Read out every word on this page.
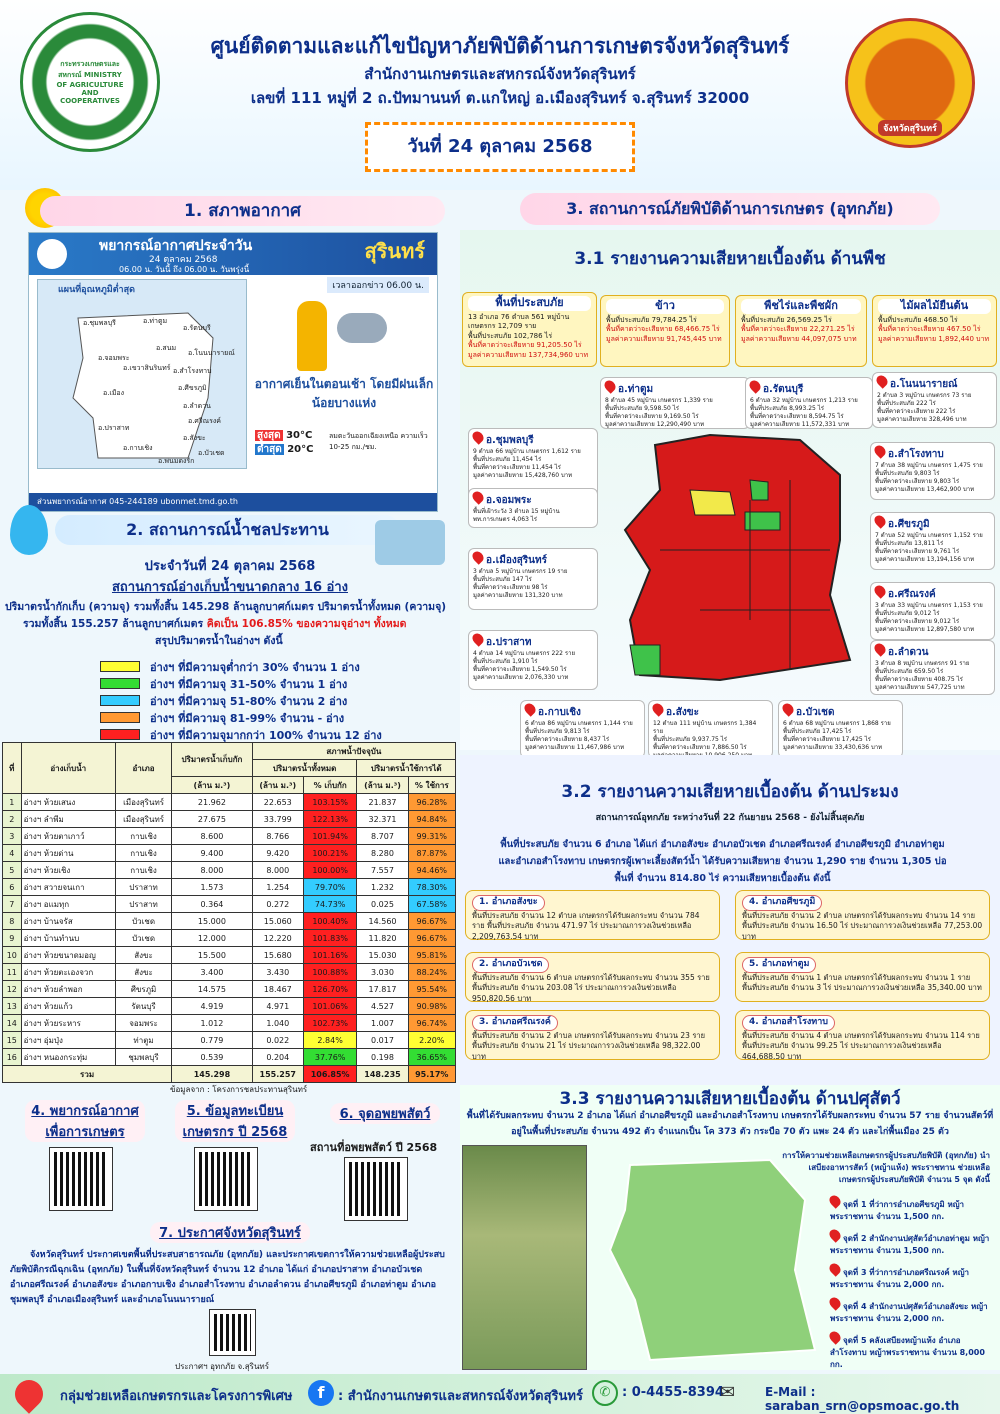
กระทรวงเกษตรและสหกรณ์ MINISTRY OF AGRICULTURE AND COOPERATIVES
จังหวัดสุรินทร์
ศูนย์ติดตามและแก้ไขปัญหาภัยพิบัติด้านการเกษตรจังหวัดสุรินทร์
สำนักงานเกษตรและสหกรณ์จังหวัดสุรินทร์
เลขที่ 111 หมู่ที่ 2 ถ.ปัทมานนท์ ต.แกใหญ่ อ.เมืองสุรินทร์ จ.สุรินทร์ 32000
วันที่ 24 ตุลาคม 2568
1. สภาพอากาศ
พยากรณ์อากาศประจำวัน
24 ตุลาคม 2568
06.00 น. วันนี้ ถึง 06.00 น. วันพรุ่งนี้
สุรินทร์
เวลาออกข่าว 06.00 น.
แผนที่อุณหภูมิต่ำสุด
อ.ชุมพลบุรี	อ.ท่าตูม
อ.รัตนบุรี
อ.สนม
อ.โนนนารายณ์
อ.จอมพระ
อ.สำโรงทาบ
อ.เขวาสินรินทร์
อ.ศีขรภูมิ
อ.เมือง
อ.ลำดวน
อ.ศรีณรงค์
อ.ปราสาท
อ.สังขะ
อ.กาบเชิง
อ.พนมดงรัก
อ.บัวเชด
อากาศเย็นในตอนเช้า โดยมีฝนเล็กน้อยบางแห่ง
สูงสุด 30°C
ต่ำสุด 20°C
ลมตะวันออกเฉียงเหนือ ความเร็ว 10-25 กม./ชม.
ส่วนพยากรณ์อากาศ 045-244189 ubonmet.tmd.go.th
2. สถานการณ์น้ำชลประทาน
ประจำวันที่ 24 ตุลาคม 2568
สถานการณ์อ่างเก็บน้ำขนาดกลาง 16 อ่าง
ปริมาตรน้ำกักเก็บ (ความจุ) รวมทั้งสิ้น 145.298 ล้านลูกบาศก์เมตร ปริมาตรน้ำทั้งหมด (ความจุ)
รวมทั้งสิ้น 155.257 ล้านลูกบาศก์เมตร คิดเป็น 106.85% ของความจุอ่างฯ ทั้งหมด
สรุปปริมาตรน้ำในอ่างฯ ดังนี้
อ่างฯ ที่มีความจุต่ำกว่า 30% จำนวน 1 อ่าง
อ่างฯ ที่มีความจุ 31-50% จำนวน 1 อ่าง
อ่างฯ ที่มีความจุ 51-80% จำนวน 2 อ่าง
อ่างฯ ที่มีความจุ 81-99% จำนวน - อ่าง
อ่างฯ ที่มีความจุมากกว่า 100% จำนวน 12 อ่าง
ที่	อ่างเก็บน้ำ	อำเภอ	ปริมาตรน้ำเก็บกัก	สภาพน้ำปัจจุบัน			
				ปริมาตรน้ำทั้งหมด		ปริมาตรน้ำใช้การได้	
			(ล้าน ม.³)	(ล้าน ม.³)	% เก็บกัก	(ล้าน ม.³)	% ใช้การ
1	อ่างฯ ห้วยเสนง	เมืองสุรินทร์	21.962	22.653	103.15%	21.837	96.28%
2	อ่างฯ ลำพีม	เมืองสุรินทร์	27.675	33.799	122.13%	32.371	94.84%
3	อ่างฯ ห้วยตาเกาว์	กาบเชิง	8.600	8.766	101.94%	8.707	99.31%
4	อ่างฯ ห้วยด่าน	กาบเชิง	9.400	9.420	100.21%	8.280	87.87%
5	อ่างฯ ห้วยเชิง	กาบเชิง	8.000	8.000	100.00%	7.557	94.46%
6	อ่างฯ สวายจนเกา	ปราสาท	1.573	1.254	79.70%	1.232	78.30%
7	อ่างฯ อแมทุก	ปราสาท	0.364	0.272	74.73%	0.025	67.58%
8	อ่างฯ บ้านจรัส	บัวเชด	15.000	15.060	100.40%	14.560	96.67%
9	อ่างฯ บ้านทำนบ	บัวเชด	12.000	12.220	101.83%	11.820	96.67%
10	อ่างฯ ห้วยขนาดมอญ	สังขะ	15.500	15.680	101.16%	15.030	95.81%
11	อ่างฯ ห้วยตะเองจวก	สังขะ	3.400	3.430	100.88%	3.030	88.24%
12	อ่างฯ ห้วยลำพอก	ศีขรภูมิ	14.575	18.467	126.70%	17.817	95.54%
13	อ่างฯ ห้วยแก้ว	รัตนบุรี	4.919	4.971	101.06%	4.527	90.98%
14	อ่างฯ ห้วยระหาร	จอมพระ	1.012	1.040	102.73%	1.007	96.74%
15	อ่างฯ อุ่มปุ่ง	ท่าตูม	0.779	0.022	2.84%	0.017	2.20%
16	อ่างฯ หนองกระทุ่ม	ชุมพลบุรี	0.539	0.204	37.76%	0.198	36.65%
รวม			145.298	155.257	106.85%	148.235	95.17%
ข้อมูลจาก : โครงการชลประทานสุรินทร์
4. พยากรณ์อากาศเพื่อการเกษตร
5. ข้อมูลทะเบียนเกษตรกร ปี 2568
6. จุดอพยพสัตว์
สถานที่อพยพสัตว์ ปี 2568
7. ประกาศจังหวัดสุรินทร์
จังหวัดสุรินทร์ ประกาศเขตพื้นที่ประสบสาธารณภัย (อุทกภัย) และประกาศเขตการให้ความช่วยเหลือผู้ประสบภัยพิบัติกรณีฉุกเฉิน (อุทกภัย) ในพื้นที่จังหวัดสุรินทร์ จำนวน 12 อำเภอ ได้แก่ อำเภอปราสาท อำเภอบัวเชด อำเภอศรีณรงค์ อำเภอสังขะ อำเภอกาบเชิง อำเภอสำโรงทาบ อำเภอลำดวน อำเภอศีขรภูมิ อำเภอท่าตูม อำเภอชุมพลบุรี อำเภอเมืองสุรินทร์ และอำเภอโนนนารายณ์
ประกาศฯ อุทกภัย จ.สุรินทร์
3. สถานการณ์ภัยพิบัติด้านการเกษตร (อุทกภัย)
3.1 รายงานความเสียหายเบื้องต้น ด้านพืช
พื้นที่ประสบภัย
13 อำเภอ 76 ตำบล 561 หมู่บ้าน
เกษตรกร 12,709 ราย
พื้นที่ประสบภัย 102,786 ไร่
พื้นที่คาดว่าจะเสียหาย 91,205.50 ไร่
มูลค่าความเสียหาย 137,734,960 บาท
ข้าว
พื้นที่ประสบภัย 79,784.25 ไร่
พื้นที่คาดว่าจะเสียหาย 68,466.75 ไร่
มูลค่าความเสียหาย 91,745,445 บาท
พืชไร่และพืชผัก
พื้นที่ประสบภัย 26,569.25 ไร่
พื้นที่คาดว่าจะเสียหาย 22,271.25 ไร่
มูลค่าความเสียหาย 44,097,075 บาท
ไม้ผลไม้ยืนต้น
พื้นที่ประสบภัย 468.50 ไร่
พื้นที่คาดว่าจะเสียหาย 467.50 ไร่
มูลค่าความเสียหาย 1,892,440 บาท
อ.ท่าตูม
8 ตำบล 45 หมู่บ้าน เกษตรกร 1,339 ราย
พื้นที่ประสบภัย 9,598.50 ไร่
พื้นที่คาดว่าจะเสียหาย 9,169.50 ไร่
มูลค่าความเสียหาย 12,290,490 บาท
อ.รัตนบุรี
6 ตำบล 32 หมู่บ้าน เกษตรกร 1,213 ราย
พื้นที่ประสบภัย 8,993.25 ไร่
พื้นที่คาดว่าจะเสียหาย 8,594.75 ไร่
มูลค่าความเสียหาย 11,572,331 บาท
อ.โนนนารายณ์
2 ตำบล 3 หมู่บ้าน เกษตรกร 73 ราย
พื้นที่ประสบภัย 222 ไร่
พื้นที่คาดว่าจะเสียหาย 222 ไร่
มูลค่าความเสียหาย 328,496 บาท
อ.ชุมพลบุรี
9 ตำบล 66 หมู่บ้าน เกษตรกร 1,612 ราย
พื้นที่ประสบภัย 11,454 ไร่
พื้นที่คาดว่าจะเสียหาย 11,454 ไร่
มูลค่าความเสียหาย 15,428,760 บาท
อ.สำโรงทาบ
7 ตำบล 38 หมู่บ้าน เกษตรกร 1,475 ราย
พื้นที่ประสบภัย 9,803 ไร่
พื้นที่คาดว่าจะเสียหาย 9,803 ไร่
มูลค่าความเสียหาย 13,462,900 บาท
อ.จอมพระ
พื้นที่เฝ้าระวัง 3 ตำบล 15 หมู่บ้าน
พท.การเกษตร 4,063 ไร่	อ.ศีขรภูมิ
7 ตำบล 52 หมู่บ้าน เกษตรกร 1,152 ราย
พื้นที่ประสบภัย 13,811 ไร่
พื้นที่คาดว่าจะเสียหาย 9,761 ไร่
มูลค่าความเสียหาย 13,194,156 บาท
อ.เมืองสุรินทร์
3 ตำบล 5 หมู่บ้าน เกษตรกร 19 ราย
พื้นที่ประสบภัย 147 ไร่
พื้นที่คาดว่าจะเสียหาย 98 ไร่
มูลค่าความเสียหาย 131,320 บาท	อ.ศรีณรงค์
3 ตำบล 33 หมู่บ้าน เกษตรกร 1,153 ราย
พื้นที่ประสบภัย 9,012 ไร่
พื้นที่คาดว่าจะเสียหาย 9,012 ไร่
มูลค่าความเสียหาย 12,897,580 บาท
อ.ปราสาท
4 ตำบล 14 หมู่บ้าน เกษตรกร 222 ราย
พื้นที่ประสบภัย 1,910 ไร่
พื้นที่คาดว่าจะเสียหาย 1,549.50 ไร่
มูลค่าความเสียหาย 2,076,330 บาท
อ.ลำดวน
3 ตำบล 8 หมู่บ้าน เกษตรกร 91 ราย
พื้นที่ประสบภัย 659.50 ไร่
พื้นที่คาดว่าจะเสียหาย 408.75 ไร่
มูลค่าความเสียหาย 547,725 บาท
อ.กาบเชิง
6 ตำบล 86 หมู่บ้าน เกษตรกร 1,144 ราย
พื้นที่ประสบภัย 9,813 ไร่
พื้นที่คาดว่าจะเสียหาย 8,437 ไร่
มูลค่าความเสียหาย 11,467,986 บาท
อ.สังขะ
12 ตำบล 111 หมู่บ้าน เกษตรกร 1,384 ราย
พื้นที่ประสบภัย 9,937.75 ไร่
พื้นที่คาดว่าจะเสียหาย 7,886.50 ไร่
อ.บัวเชด
6 ตำบล 68 หมู่บ้าน เกษตรกร 1,868 ราย
พื้นที่ประสบภัย 17,425 ไร่
พื้นที่คาดว่าจะเสียหาย 17,425 ไร่
มูลค่าความเสียหาย 33,430,636 บาท
3.2 รายงานความเสียหายเบื้องต้น ด้านประมง
สถานการณ์อุทกภัย ระหว่างวันที่ 22 กันยายน 2568 - ยังไม่สิ้นสุดภัย
พื้นที่ประสบภัย จำนวน 6 อำเภอ ได้แก่ อำเภอสังขะ อำเภอบัวเชด อำเภอศรีณรงค์ อำเภอศีขรภูมิ อำเภอท่าตูม และอำเภอสำโรงทาบ เกษตรกรผู้เพาะเลี้ยงสัตว์น้ำ ได้รับความเสียหาย จำนวน 1,290 ราย จำนวน 1,305 บ่อ พื้นที่ จำนวน 814.80 ไร่ ความเสียหายเบื้องต้น ดังนี้
1. อำเภอสังขะ
พื้นที่ประสบภัย จำนวน 12 ตำบล เกษตรกรได้รับผลกระทบ จำนวน 784 ราย พื้นที่ประสบภัย จำนวน 471.97 ไร่ ประมาณการวงเงินช่วยเหลือ 2,209,763.54 บาท
4. อำเภอศีขรภูมิ
พื้นที่ประสบภัย จำนวน 2 ตำบล เกษตรกรได้รับผลกระทบ จำนวน 14 ราย พื้นที่ประสบภัย จำนวน 16.50 ไร่ ประมาณการวงเงินช่วยเหลือ 77,253.00 บาท
2. อำเภอบัวเชด
พื้นที่ประสบภัย จำนวน 6 ตำบล เกษตรกรได้รับผลกระทบ จำนวน 355 ราย พื้นที่ประสบภัย จำนวน 203.08 ไร่ ประมาณการวงเงินช่วยเหลือ 950,820.56 บาท
5. อำเภอท่าตูม
พื้นที่ประสบภัย จำนวน 1 ตำบล เกษตรกรได้รับผลกระทบ จำนวน 1 ราย พื้นที่ประสบภัย จำนวน 3 ไร่ ประมาณการวงเงินช่วยเหลือ 35,340.00 บาท
3. อำเภอศรีณรงค์
พื้นที่ประสบภัย จำนวน 2 ตำบล เกษตรกรได้รับผลกระทบ จำนวน 23 ราย พื้นที่ประสบภัย จำนวน 21 ไร่ ประมาณการวงเงินช่วยเหลือ 98,322.00 บาท
4. อำเภอสำโรงทาบ
พื้นที่ประสบภัย จำนวน 4 ตำบล เกษตรกรได้รับผลกระทบ จำนวน 114 ราย พื้นที่ประสบภัย จำนวน 99.25 ไร่ ประมาณการวงเงินช่วยเหลือ 464,688.50 บาท
3.3 รายงานความเสียหายเบื้องต้น ด้านปศุสัตว์
พื้นที่ได้รับผลกระทบ จำนวน 2 อำเภอ ได้แก่ อำเภอศีขรภูมิ และอำเภอสำโรงทาบ เกษตรกรได้รับผลกระทบ จำนวน 57 ราย จำนวนสัตว์ที่อยู่ในพื้นที่ประสบภัย จำนวน 492 ตัว จำแนกเป็น โค 373 ตัว กระบือ 70 ตัว แพะ 24 ตัว และไก่พื้นเมือง 25 ตัว
การให้ความช่วยเหลือเกษตรกรผู้ประสบภัยพิบัติ (อุทกภัย) นำเสบียงอาหารสัตว์ (หญ้าแห้ง) พระราชทาน ช่วยเหลือเกษตรกรผู้ประสบภัยพิบัติ จำนวน 5 จุด ดังนี้
จุดที่ 1 ที่ว่าการอำเภอศีขรภูมิ หญ้าพระราชทาน จำนวน 1,500 กก.
จุดที่ 2 สำนักงานปศุสัตว์อำเภอท่าตูม หญ้าพระราชทาน จำนวน 1,500 กก.
จุดที่ 3 ที่ว่าการอำเภอศรีณรงค์ หญ้าพระราชทาน จำนวน 2,000 กก.
จุดที่ 4 สำนักงานปศุสัตว์อำเภอสังขะ หญ้าพระราชทาน จำนวน 2,000 กก.
จุดที่ 5 คลังเสบียงหญ้าแห้ง อำเภอสำโรงทาบ หญ้าพระราชทาน จำนวน 8,000 กก.
กลุ่มช่วยเหลือเกษตรกรและโครงการพิเศษ	f	: สำนักงานเกษตรและสหกรณ์จังหวัดสุรินทร์	✆ : 0-4455-8394
✉ E-Mail : saraban_srn@opsmoac.go.th
